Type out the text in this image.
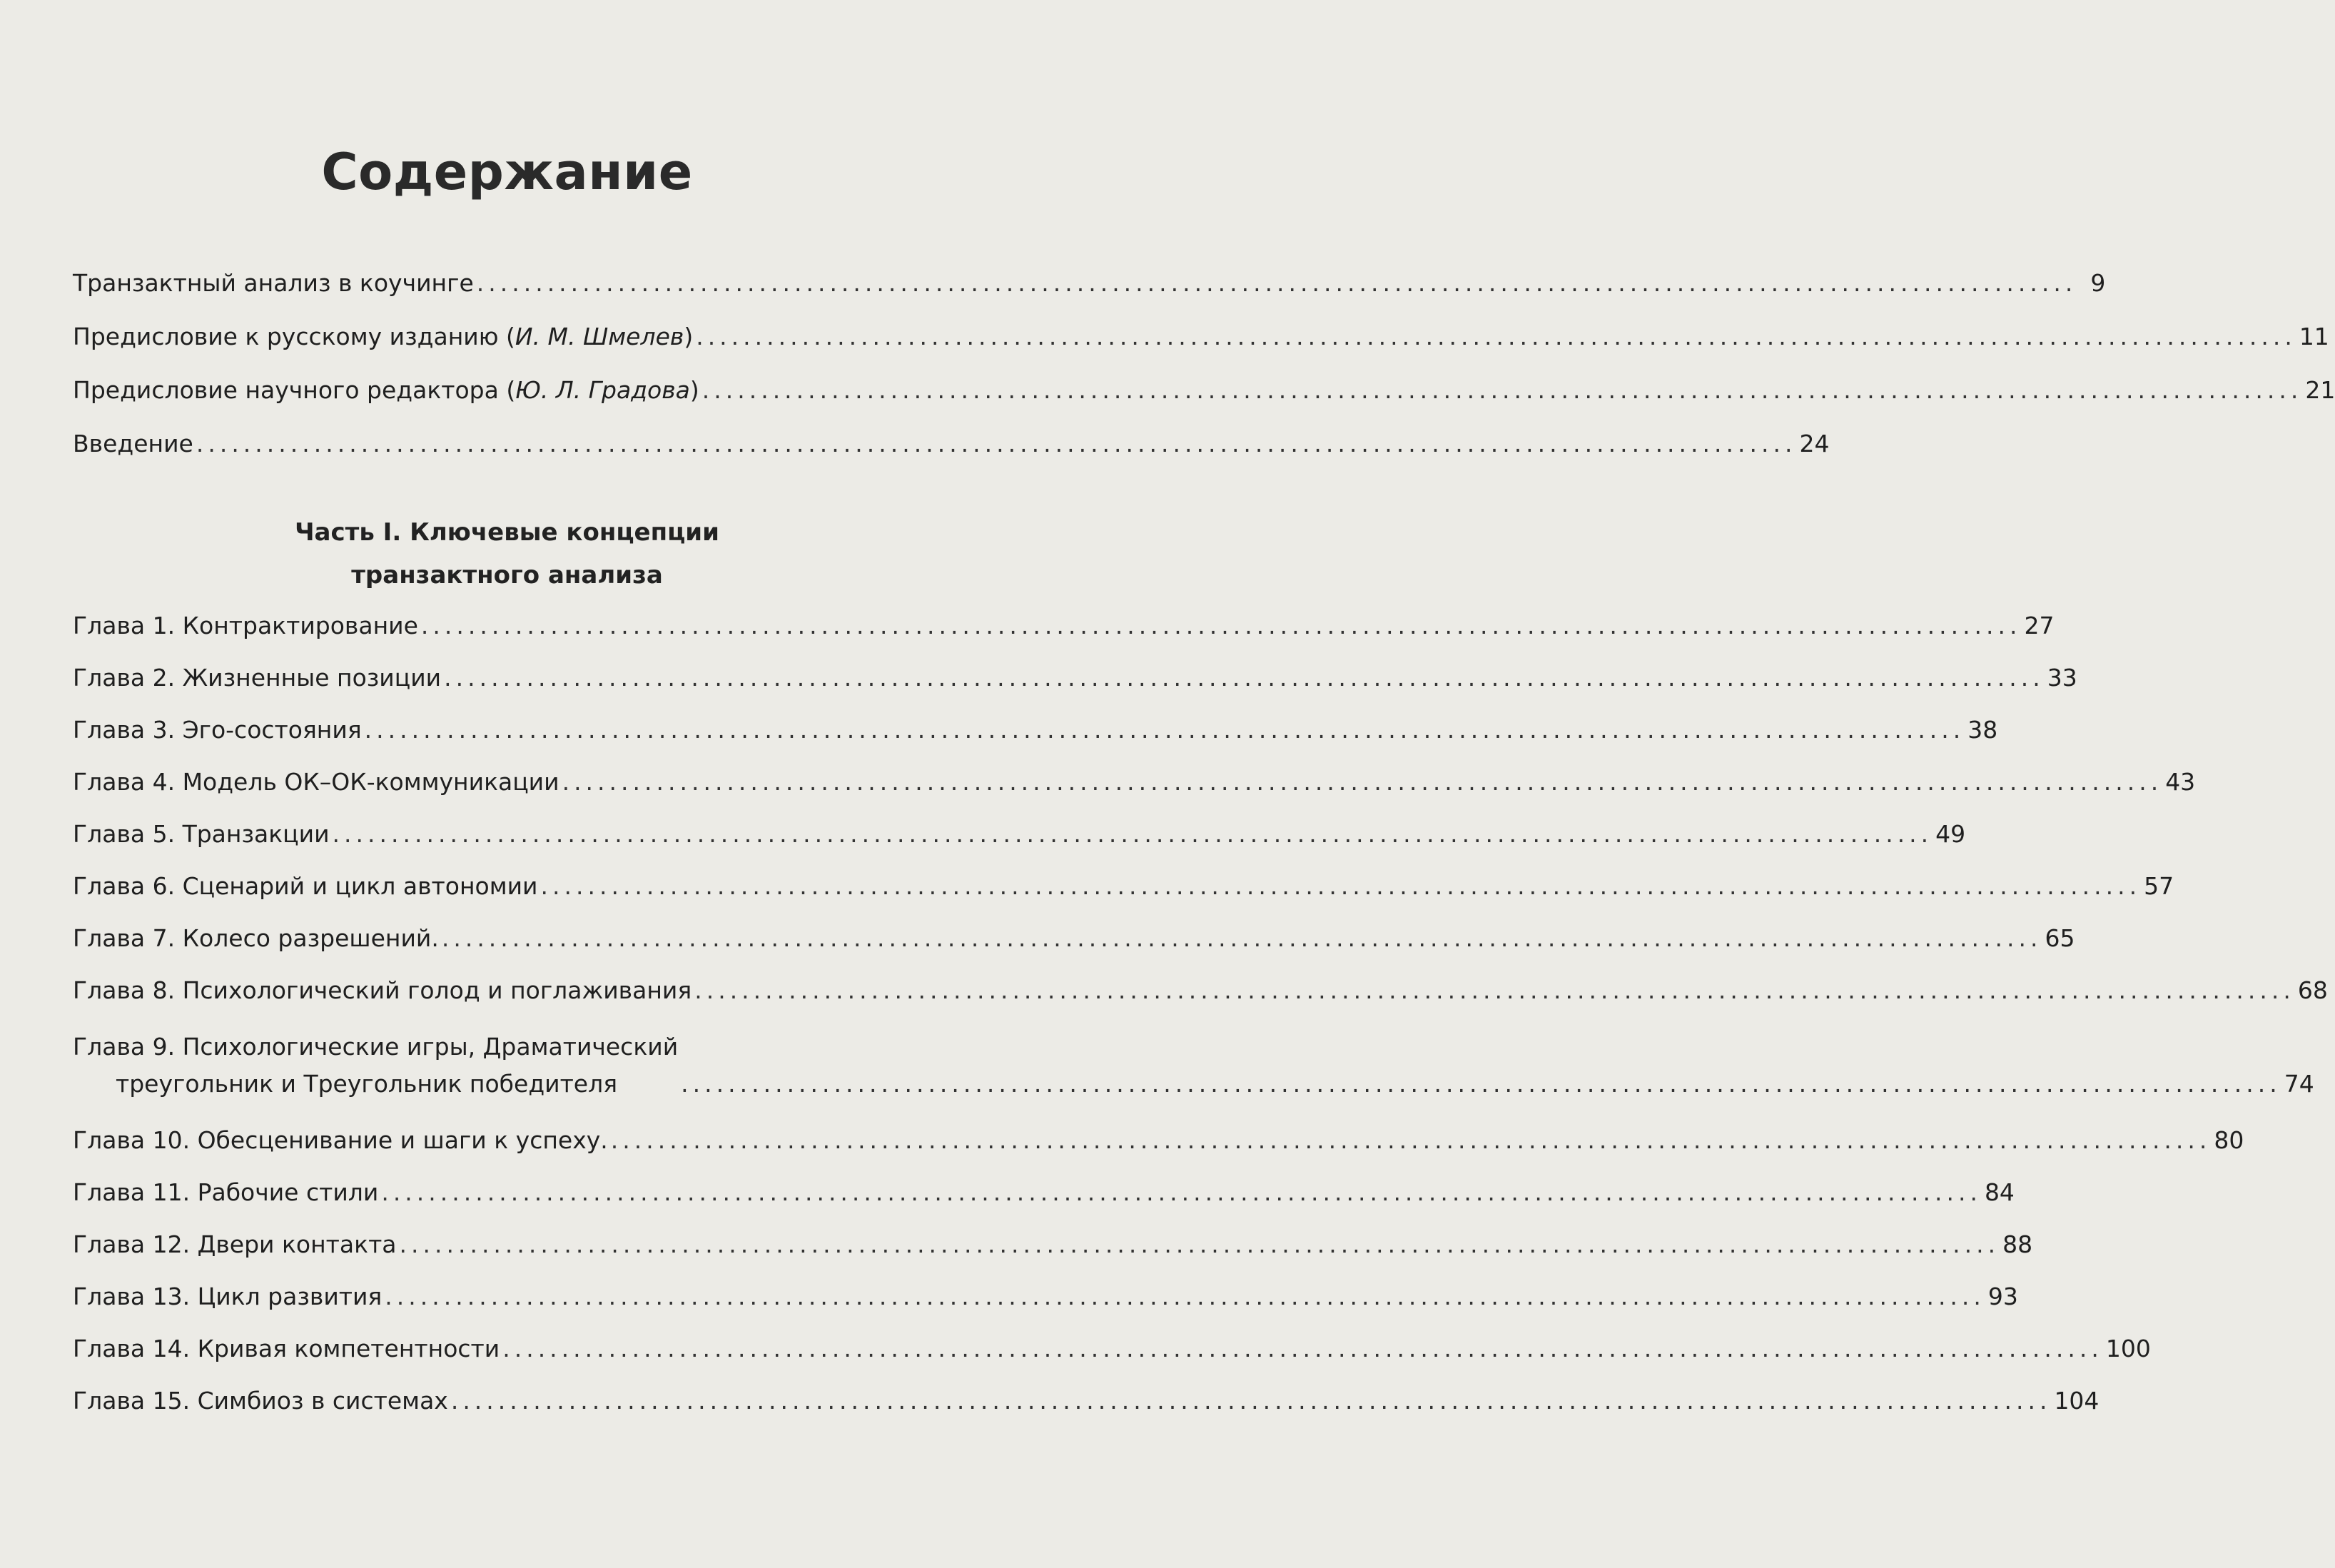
Содержание
Транзактный анализ в коучинге ........................................................................................................................................ 9
Предисловие к русскому изданию (И. М. Шмелев) ........................................................................................................................................ 11
Предисловие научного редактора (Ю. Л. Градова) ........................................................................................................................................ 21
Введение ........................................................................................................................................ 24
Часть I. Ключевые концепции
транзактного анализа
Глава 1. Контрактирование ........................................................................................................................................ 27
Глава 2. Жизненные позиции ........................................................................................................................................ 33
Глава 3. Эго-состояния ........................................................................................................................................ 38
Глава 4. Модель ОК–ОК-коммуникации ........................................................................................................................................ 43
Глава 5. Транзакции ........................................................................................................................................ 49
Глава 6. Сценарий и цикл автономии ........................................................................................................................................ 57
Глава 7. Колесо разрешений. ........................................................................................................................................ 65
Глава 8. Психологический голод и поглаживания ........................................................................................................................................ 68
Глава 9. Психологические игры, Драматический
треугольник и Треугольник победителя	........................................................................................................................................ 74
Глава 10. Обесценивание и шаги к успеху. ........................................................................................................................................ 80
Глава 11. Рабочие стили ........................................................................................................................................ 84
Глава 12. Двери контакта ........................................................................................................................................ 88
Глава 13. Цикл развития ........................................................................................................................................ 93
Глава 14. Кривая компетентности ........................................................................................................................................ 100
Глава 15. Симбиоз в системах ........................................................................................................................................ 104
